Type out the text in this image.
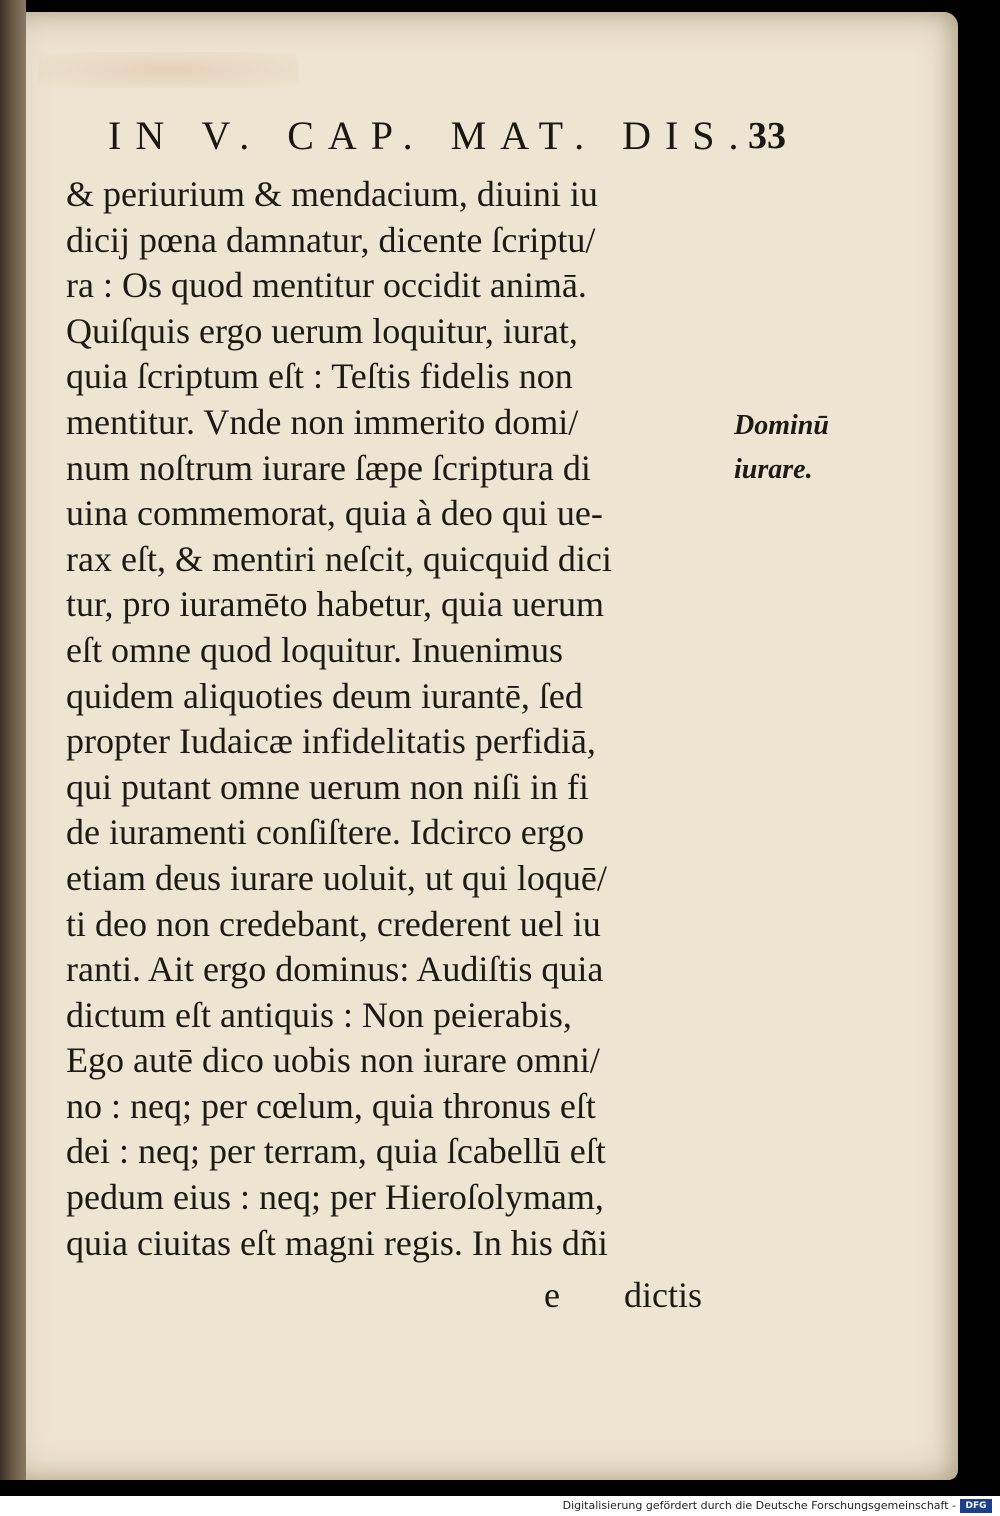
IN V. CAP. MAT. DIS.
33
& periurium & mendacium, diuini iu
dicij pœna damnatur, dicente ſcriptu/
ra : Os quod mentitur occidit animā.
Quiſquis ergo uerum loquitur, iurat,
quia ſcriptum eſt : Teſtis fidelis non
mentitur. Vnde non immerito domi/
num noſtrum iurare ſæpe ſcriptura di
uina commemorat, quia à deo qui ue-
rax eſt, & mentiri neſcit, quicquid dici
tur, pro iuramēto habetur, quia uerum
eſt omne quod loquitur. Inuenimus
quidem aliquoties deum iurantē, ſed
propter Iudaicæ infidelitatis perfidiā,
qui putant omne uerum non niſi in fi
de iuramenti conſiſtere. Idcirco ergo
etiam deus iurare uoluit, ut qui loquē/
ti deo non credebant, crederent uel iu
ranti. Ait ergo dominus: Audiſtis quia
dictum eſt antiquis : Non peierabis,
Ego autē dico uobis non iurare omni/
no : neq; per cœlum, quia thronus eſt
dei : neq; per terram, quia ſcabellū eſt
pedum eius : neq; per Hieroſolymam,
quia ciuitas eſt magni regis. In his dñi
Dominū
iurare.
e dictis
Digitalisierung gefördert durch die Deutsche Forschungsgemeinschaft -	DFG
